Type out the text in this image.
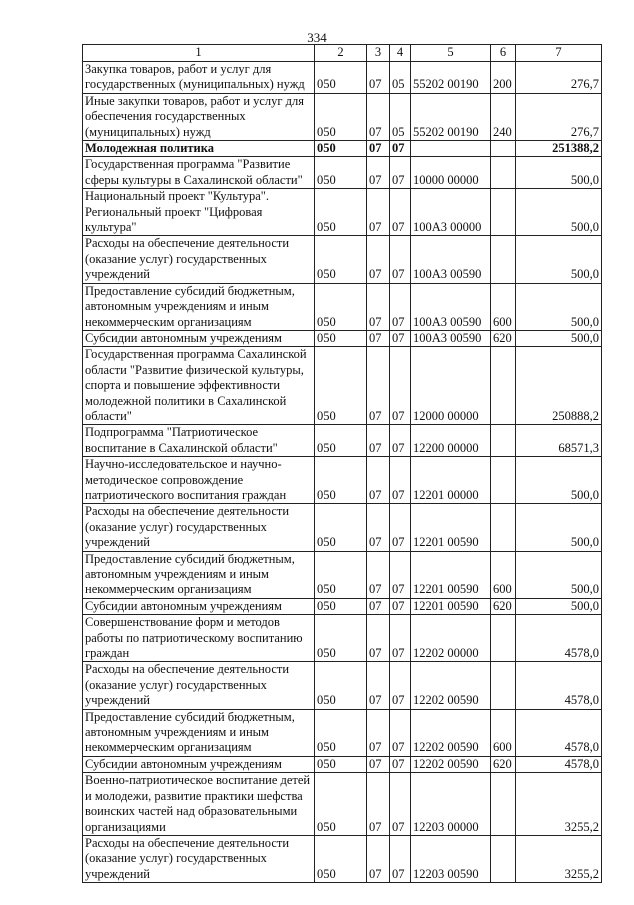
334
1	2	3	4	5	6	7
Закупка товаров, работ и услуг для государственных (муниципальных) нужд	050	07	05	55202 00190	200	276,7
Иные закупки товаров, работ и услуг для обеспечения государственных (муниципальных) нужд	050	07	05	55202 00190	240	276,7
Молодежная политика	050	07	07			251388,2
Государственная программа "Развитие сферы культуры в Сахалинской области"	050	07	07	10000 00000		500,0
Национальный проект "Культура". Региональный проект "Цифровая культура"	050	07	07	100А3 00000		500,0
Расходы на обеспечение деятельности (оказание услуг) государственных учреждений	050	07	07	100А3 00590		500,0
Предоставление субсидий бюджетным, автономным учреждениям и иным некоммерческим организациям	050	07	07	100А3 00590	600	500,0
Субсидии автономным учреждениям	050	07	07	100А3 00590	620	500,0
Государственная программа Сахалинской области "Развитие физической культуры, спорта и повышение эффективности молодежной политики в Сахалинской области"	050	07	07	12000 00000		250888,2
Подпрограмма "Патриотическое воспитание в Сахалинской области"	050	07	07	12200 00000		68571,3
Научно-исследовательское и научно-методическое сопровождение патриотического воспитания граждан	050	07	07	12201 00000		500,0
Расходы на обеспечение деятельности (оказание услуг) государственных учреждений	050	07	07	12201 00590		500,0
Предоставление субсидий бюджетным, автономным учреждениям и иным некоммерческим организациям	050	07	07	12201 00590	600	500,0
Субсидии автономным учреждениям	050	07	07	12201 00590	620	500,0
Совершенствование форм и методов работы по патриотическому воспитанию граждан	050	07	07	12202 00000		4578,0
Расходы на обеспечение деятельности (оказание услуг) государственных учреждений	050	07	07	12202 00590		4578,0
Предоставление субсидий бюджетным, автономным учреждениям и иным некоммерческим организациям	050	07	07	12202 00590	600	4578,0
Субсидии автономным учреждениям	050	07	07	12202 00590	620	4578,0
Военно-патриотическое воспитание детей и молодежи, развитие практики шефства воинских частей над образовательными организациями	050	07	07	12203 00000		3255,2
Расходы на обеспечение деятельности (оказание услуг) государственных учреждений	050	07	07	12203 00590		3255,2
